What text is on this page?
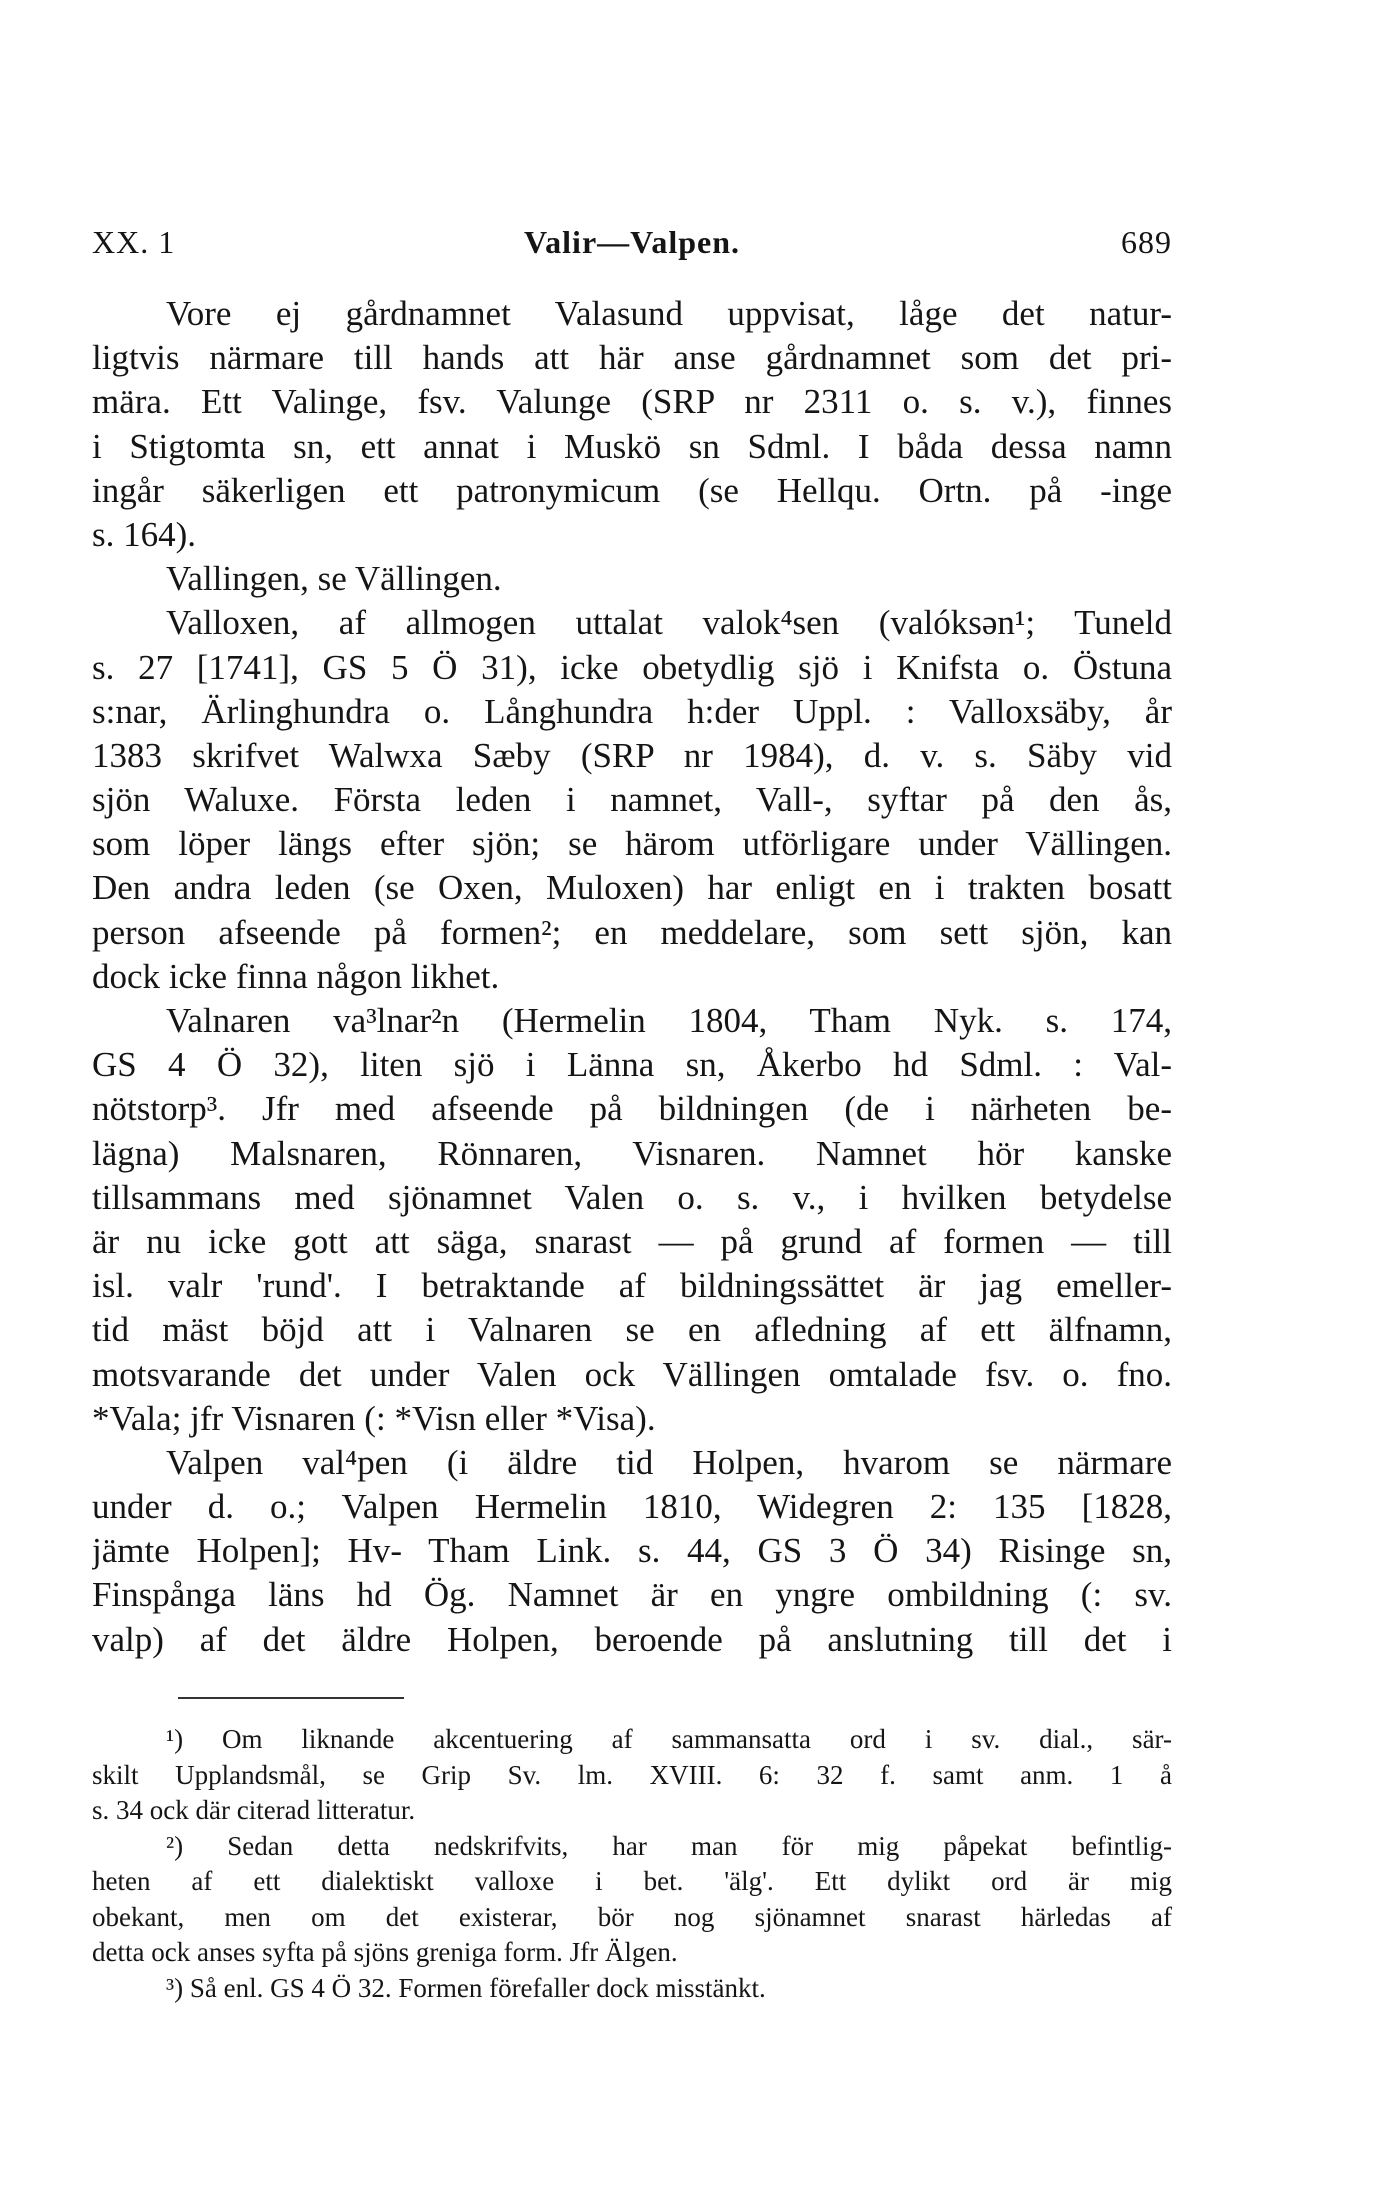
XX. 1	Valir—Valpen.	689
Vore ej gårdnamnet Valasund uppvisat, låge det natur-
ligtvis närmare till hands att här anse gårdnamnet som det pri-
mära. Ett Valinge, fsv. Valunge (SRP nr 2311 o. s. v.), finnes
i Stigtomta sn, ett annat i Muskö sn Sdml. I båda dessa namn
ingår säkerligen ett patronymicum (se Hellqu. Ortn. på -inge
s. 164).
Vallingen, se Vällingen.
Valloxen, af allmogen uttalat valok⁴sen (valóksən¹; Tuneld
s. 27 [1741], GS 5 Ö 31), icke obetydlig sjö i Knifsta o. Östuna
s:nar, Ärlinghundra o. Långhundra h:der Uppl. : Valloxsäby, år
1383 skrifvet Walwxa Sæby (SRP nr 1984), d. v. s. Säby vid
sjön Waluxe. Första leden i namnet, Vall-, syftar på den ås,
som löper längs efter sjön; se härom utförligare under Vällingen.
Den andra leden (se Oxen, Muloxen) har enligt en i trakten bosatt
person afseende på formen²; en meddelare, som sett sjön, kan
dock icke finna någon likhet.
Valnaren va³lnar²n (Hermelin 1804, Tham Nyk. s. 174,
GS 4 Ö 32), liten sjö i Länna sn, Åkerbo hd Sdml. : Val-
nötstorp³. Jfr med afseende på bildningen (de i närheten be-
lägna) Malsnaren, Rönnaren, Visnaren. Namnet hör kanske
tillsammans med sjönamnet Valen o. s. v., i hvilken betydelse
är nu icke gott att säga, snarast — på grund af formen — till
isl. valr 'rund'. I betraktande af bildningssättet är jag emeller-
tid mäst böjd att i Valnaren se en afledning af ett älfnamn,
motsvarande det under Valen ock Vällingen omtalade fsv. o. fno.
*Vala; jfr Visnaren (: *Visn eller *Visa).
Valpen val⁴pen (i äldre tid Holpen, hvarom se närmare
under d. o.; Valpen Hermelin 1810, Widegren 2: 135 [1828,
jämte Holpen]; Hv- Tham Link. s. 44, GS 3 Ö 34) Risinge sn,
Finspånga läns hd Ög. Namnet är en yngre ombildning (: sv.
valp) af det äldre Holpen, beroende på anslutning till det i
¹) Om liknande akcentuering af sammansatta ord i sv. dial., sär-
skilt Upplandsmål, se Grip Sv. lm. XVIII. 6: 32 f. samt anm. 1 å
s. 34 ock där citerad litteratur.
²) Sedan detta nedskrifvits, har man för mig påpekat befintlig-
heten af ett dialektiskt valloxe i bet. 'älg'. Ett dylikt ord är mig
obekant, men om det existerar, bör nog sjönamnet snarast härledas af
detta ock anses syfta på sjöns greniga form. Jfr Älgen.
³) Så enl. GS 4 Ö 32. Formen förefaller dock misstänkt.
